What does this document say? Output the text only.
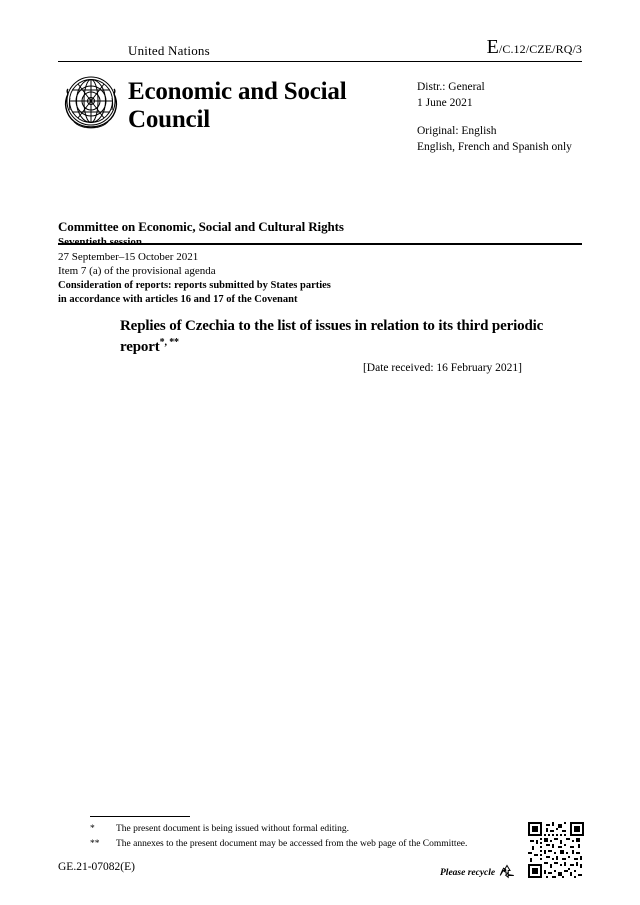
United Nations	E/C.12/CZE/RQ/3
Economic and Social Council
Distr.: General
1 June 2021
Original: English
English, French and Spanish only
Committee on Economic, Social and Cultural Rights
Seventieth session
27 September–15 October 2021
Item 7 (a) of the provisional agenda
Consideration of reports: reports submitted by States parties
in accordance with articles 16 and 17 of the Covenant
Replies of Czechia to the list of issues in relation to its third periodic report*, **
[Date received: 16 February 2021]
*	The present document is being issued without formal editing.
**	The annexes to the present document may be accessed from the web page of the Committee.
GE.21-07082(E)	Please recycle
